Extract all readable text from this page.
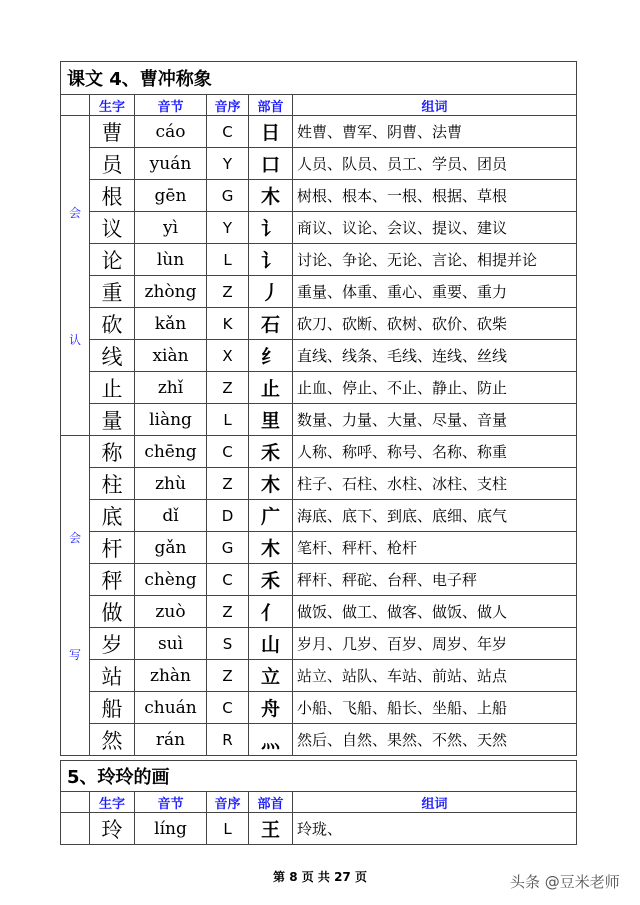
课文 4、曹冲称象					
	生字	音节	音序	部首	组词

会
认	曹	cáo	C	日	姓曹、曹军、阴曹、法曹
	员	yuán	Y	口	人员、队员、员工、学员、团员
	根	gēn	G	木	树根、根本、一根、根据、草根
	议	yì	Y	讠	商议、议论、会议、提议、建议
	论	lùn	L	讠	讨论、争论、无论、言论、相提并论
	重	zhòng	Z	丿	重量、体重、重心、重要、重力
	砍	kǎn	K	石	砍刀、砍断、砍树、砍价、砍柴
	线	xiàn	X	纟	直线、线条、毛线、连线、丝线
	止	zhǐ	Z	止	止血、停止、不止、静止、防止
	量	liàng	L	里	数量、力量、大量、尽量、音量

会
写	称	chēng	C	禾	人称、称呼、称号、名称、称重
	柱	zhù	Z	木	柱子、石柱、水柱、冰柱、支柱
	底	dǐ	D	广	海底、底下、到底、底细、底气
	杆	gǎn	G	木	笔杆、秤杆、枪杆
	秤	chèng	C	禾	秤杆、秤砣、台秤、电子秤
	做	zuò	Z	亻	做饭、做工、做客、做饭、做人
	岁	suì	S	山	岁月、几岁、百岁、周岁、年岁
	站	zhàn	Z	立	站立、站队、车站、前站、站点
	船	chuán	C	舟	小船、飞船、船长、坐船、上船
	然	rán	R	灬	然后、自然、果然、不然、天然
5、玲玲的画					
	生字	音节	音序	部首	组词
	玲	líng	L	王	玲珑、
第 8 页 共 27 页	头条 @豆米老师
